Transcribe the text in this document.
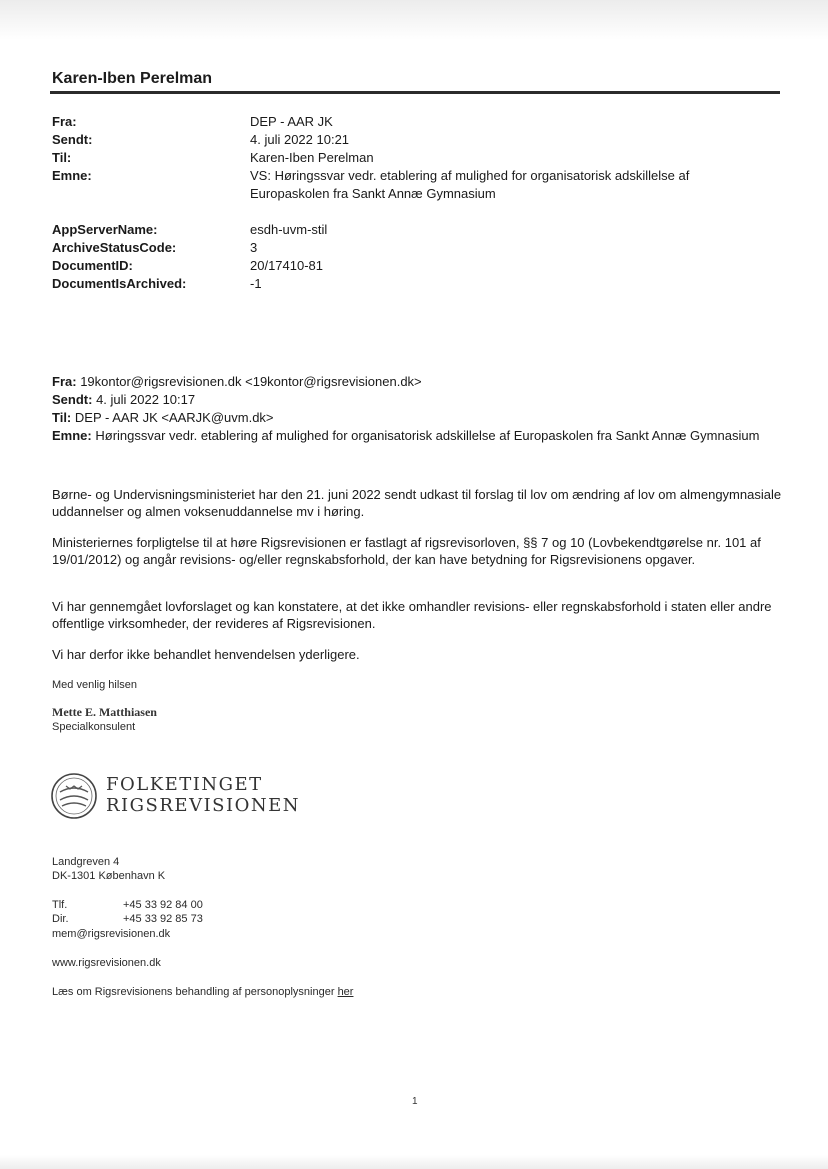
Karen-Iben Perelman
Fra:	DEP - AAR JK
Sendt:	4. juli 2022 10:21
Til:	Karen-Iben Perelman
Emne:	VS: Høringssvar vedr. etablering af mulighed for organisatorisk adskillelse af Europaskolen fra Sankt Annæ Gymnasium
AppServerName:	esdh-uvm-stil
ArchiveStatusCode:	3
DocumentID:	20/17410-81
DocumentIsArchived:	-1
Fra: 19kontor@rigsrevisionen.dk <19kontor@rigsrevisionen.dk>
Sendt: 4. juli 2022 10:17
Til: DEP - AAR JK <AARJK@uvm.dk>
Emne: Høringssvar vedr. etablering af mulighed for organisatorisk adskillelse af Europaskolen fra Sankt Annæ Gymnasium
Børne- og Undervisningsministeriet har den 21. juni 2022 sendt udkast til forslag til lov om ændring af lov om almengymnasiale uddannelser og almen voksenuddannelse mv i høring.
Ministeriernes forpligtelse til at høre Rigsrevisionen er fastlagt af rigsrevisorloven, §§ 7 og 10 (Lovbekendtgørelse nr. 101 af 19/01/2012) og angår revisions- og/eller regnskabsforhold, der kan have betydning for Rigsrevisionens opgaver.
Vi har gennemgået lovforslaget og kan konstatere, at det ikke omhandler revisions- eller regnskabsforhold i staten eller andre offentlige virksomheder, der revideres af Rigsrevisionen.
Vi har derfor ikke behandlet henvendelsen yderligere.
Med venlig hilsen
Mette E. Matthiasen
Specialkonsulent
FOLKETINGET
RIGSREVISIONEN
Landgreven 4
DK-1301 København K
Tlf.	+45 33 92 84 00
Dir.	+45 33 92 85 73
mem@rigsrevisionen.dk
www.rigsrevisionen.dk
Læs om Rigsrevisionens behandling af personoplysninger her
1
